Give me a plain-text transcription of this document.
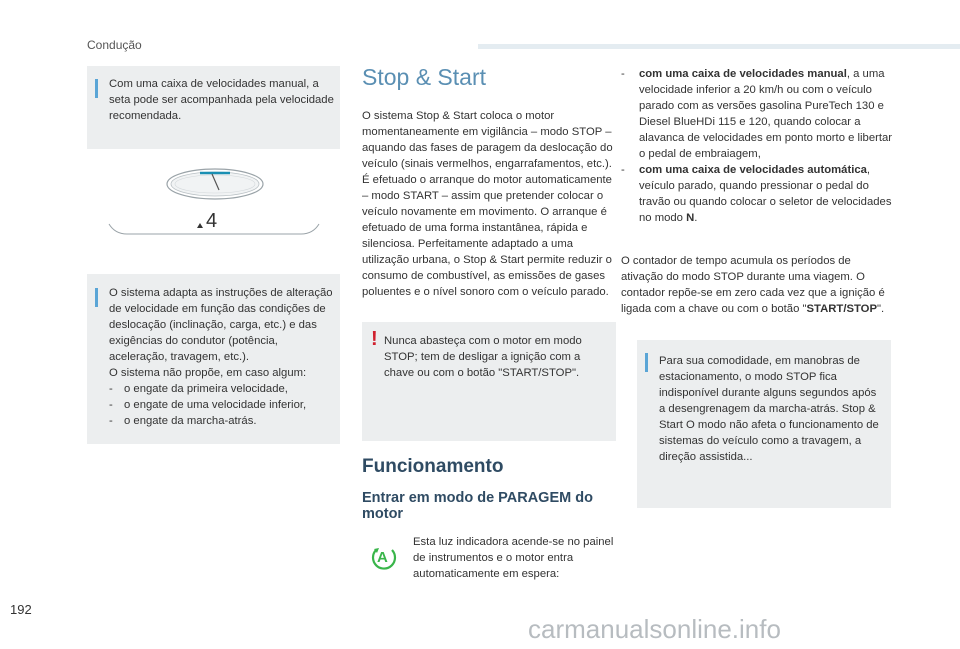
Condução

Com uma caixa de velocidades manual, a seta pode ser acompanhada pela velocidade recomendada.

4

O sistema adapta as instruções de alteração de velocidade em função das condições de deslocação (inclinação, carga, etc.) e das exigências do condutor (potência, aceleração, travagem, etc.).

O sistema não propõe, em caso algum:

- o engate da primeira velocidade,
- o engate de uma velocidade inferior,
- o engate da marcha-atrás.
Stop & Start

O sistema Stop & Start coloca o motor momentaneamente em vigilância – modo STOP – aquando das fases de paragem da deslocação do veículo (sinais vermelhos, engarrafamentos, etc.). É efetuado o arranque do motor automaticamente – modo START – assim que pretender colocar o veículo novamente em movimento. O arranque é efetuado de uma forma instantânea, rápida e silenciosa. Perfeitamente adaptado a uma utilização urbana, o Stop & Start permite reduzir o consumo de combustível, as emissões de gases poluentes e o nível sonoro com o veículo parado.

! Nunca abasteça com o motor em modo STOP; tem de desligar a ignição com a chave ou com o botão "START/STOP".

Funcionamento
Entrar em modo de PARAGEM do motor
A

Esta luz indicadora acende-se no painel de instrumentos e o motor entra automaticamente em espera:

-	com uma caixa de velocidades manual, a uma velocidade inferior a 20 km/h ou com o veículo parado com as versões gasolina PureTech 130 e Diesel BlueHDi 115 e 120, quando colocar a alavanca de velocidades em ponto morto e libertar o pedal de embraiagem,
-	com uma caixa de velocidades automática, veículo parado, quando pressionar o pedal do travão ou quando colocar o seletor de velocidades no modo N.

O contador de tempo acumula os períodos de ativação do modo STOP durante uma viagem. O contador repõe-se em zero cada vez que a ignição é ligada com a chave ou com o botão "START/STOP".

Para sua comodidade, em manobras de estacionamento, o modo STOP fica indisponível durante alguns segundos após a desengrenagem da marcha-atrás. Stop & Start O modo não afeta o funcionamento de sistemas do veículo como a travagem, a direção assistida...

192
carmanualsonline.info
